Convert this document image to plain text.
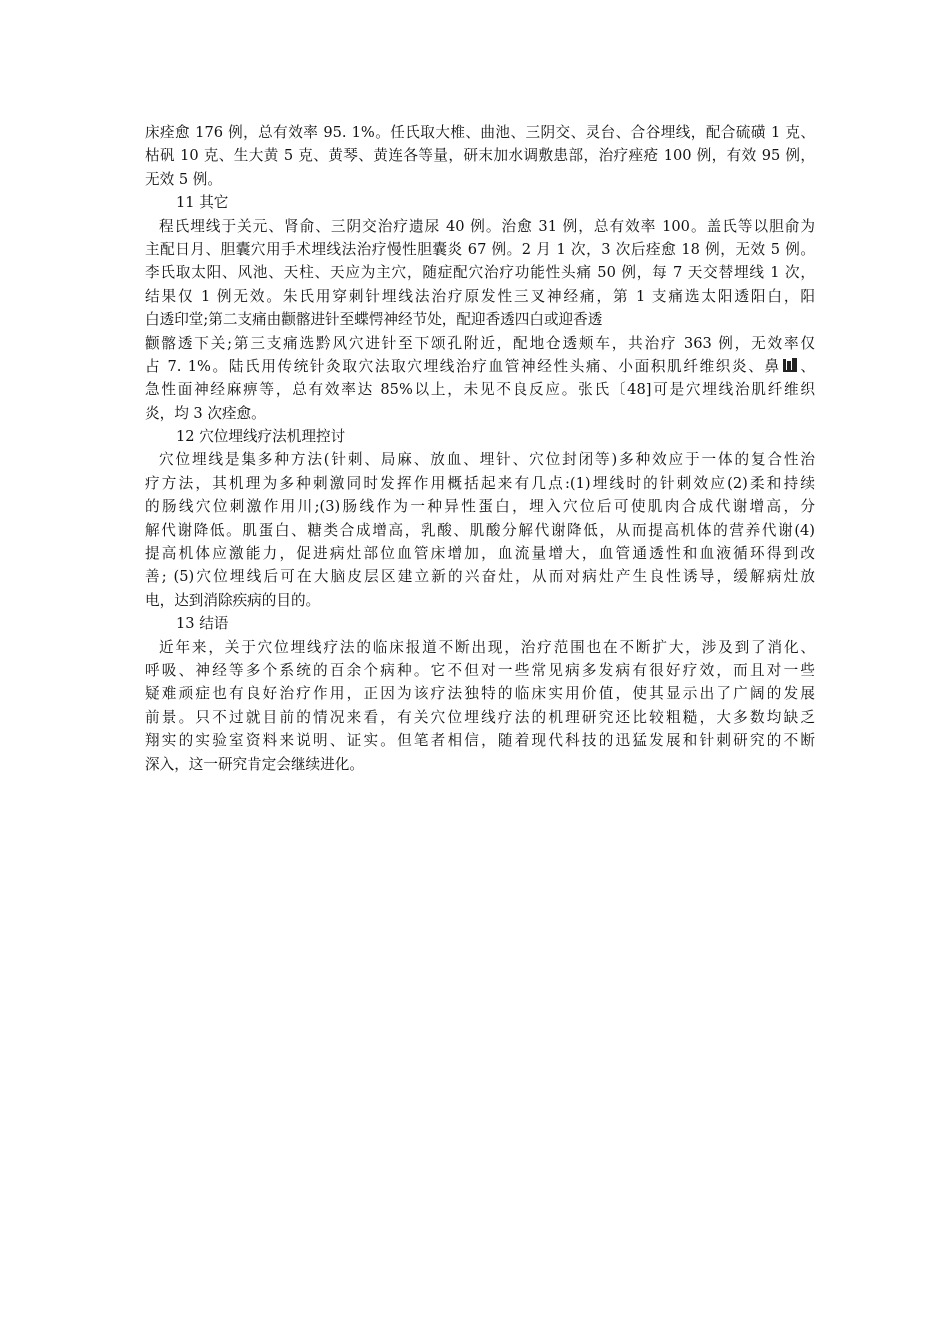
床痊愈 176 例，总有效率 95. 1%。任氏取大椎、曲池、三阴交、灵台、合谷埋线，配合硫磺 1 克、
枯矾 10 克、生大黄 5 克、黄琴、黄连各等量，研末加水调敷患部，治疗痤疮 100 例，有效 95 例，
无效 5 例。
11 其它
程氏埋线于关元、肾俞、三阴交治疗遗尿 40 例。治愈 31 例，总有效率 100。盖氏等以胆俞为
主配日月、胆囊穴用手术埋线法治疗慢性胆囊炎 67 例。2 月 1 次，3 次后痊愈 18 例，无效 5 例。
李氏取太阳、风池、天柱、天应为主穴，随症配穴治疗功能性头痛 50 例，每 7 天交替埋线 1 次，
结果仅 1 例无效。朱氏用穿刺针埋线法治疗原发性三叉神经痛，第 1 支痛选太阳透阳白，阳
白透印堂;第二支痛由颧髂进针至蝶愕神经节处，配迎香透四白或迎香透
颧髂透下关;第三支痛选黔风穴进针至下颂孔附近，配地仓透颊车，共治疗 363 例，无效率仅
占 7. 1%。陆氏用传统针灸取穴法取穴埋线治疗血管神经性头痛、小面积肌纤维织炎、鼻 、
急性面神经麻痹等，总有效率达 85%以上，未见不良反应。张氏〔48]可是穴埋线治肌纤维织
炎，均 3 次痊愈。
12 穴位埋线疗法机理控讨
穴位埋线是集多种方法(针刺、局麻、放血、埋针、穴位封闭等)多种效应于一体的复合性治
疗方法，其机理为多种刺激同时发挥作用概括起来有几点:(1)埋线时的针刺效应(2)柔和持续
的肠线穴位刺激作用川;(3)肠线作为一种异性蛋白，埋入穴位后可使肌肉合成代谢增高，分
解代谢降低。肌蛋白、糖类合成增高，乳酸、肌酸分解代谢降低，从而提高机体的营养代谢(4)
提高机体应激能力，促进病灶部位血管床增加，血流量增大，血管通透性和血液循环得到改
善; (5)穴位埋线后可在大脑皮层区建立新的兴奋灶，从而对病灶产生良性诱导，缓解病灶放
电，达到消除疾病的目的。
13 结语
近年来，关于穴位埋线疗法的临床报道不断出现，治疗范围也在不断扩大，涉及到了消化、
呼吸、神经等多个系统的百余个病种。它不但对一些常见病多发病有很好疗效，而且对一些
疑难顽症也有良好治疗作用，正因为该疗法独特的临床实用价值，使其显示出了广阔的发展
前景。只不过就目前的情况来看，有关穴位埋线疗法的机理研究还比较粗糙，大多数均缺乏
翔实的实验室资料来说明、证实。但笔者相信，随着现代科技的迅猛发展和针刺研究的不断
深入，这一研究肯定会继续进化。
